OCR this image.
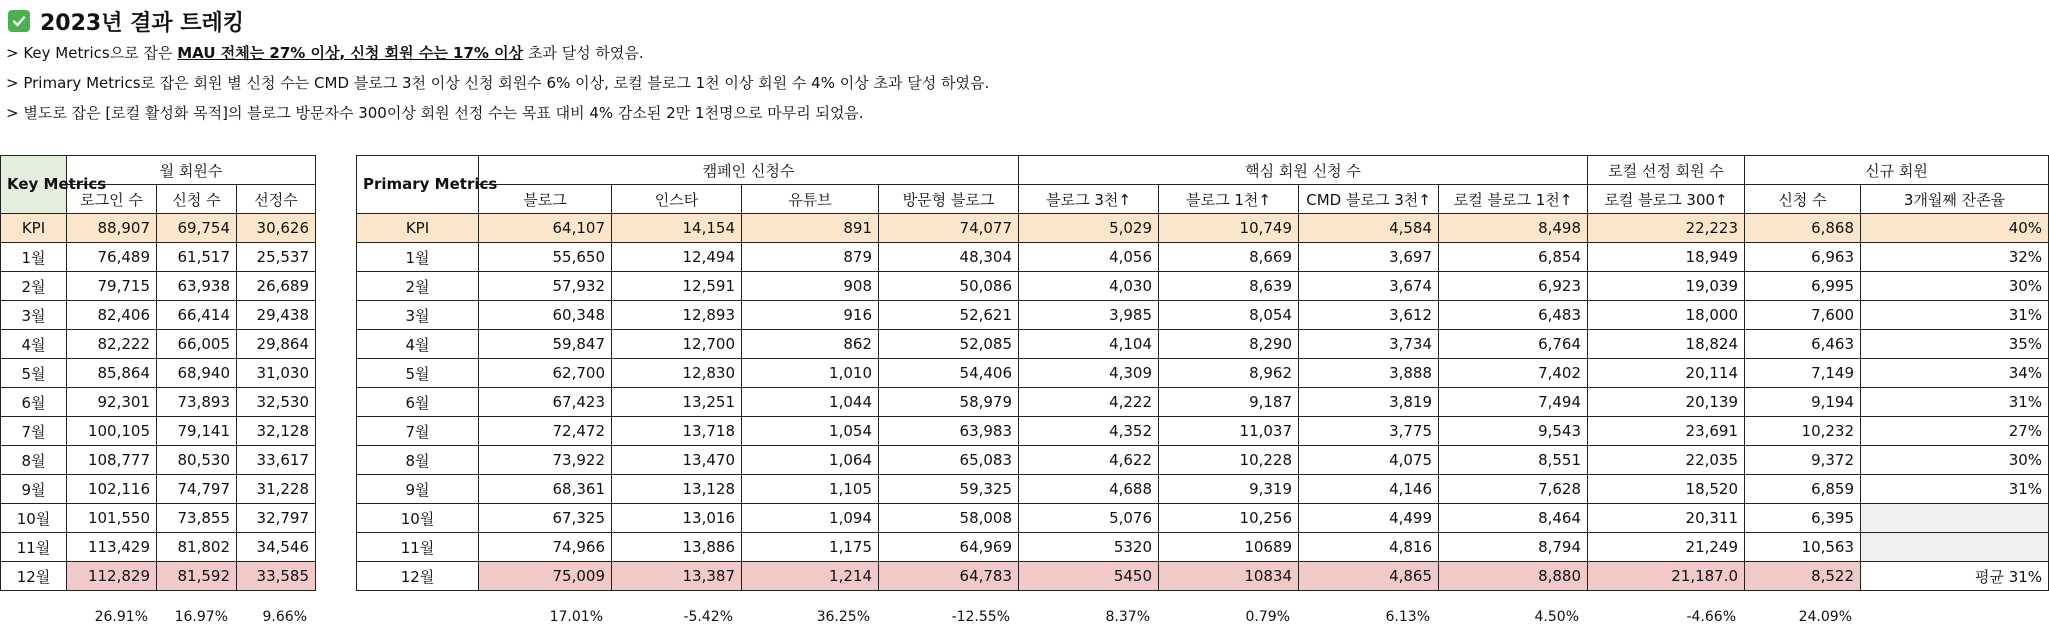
2023년 결과 트레킹
> Key Metrics으로 잡은 MAU 전체는 27% 이상, 신청 회원 수는 17% 이상 초과 달성 하였음.
> Primary Metrics로 잡은 회원 별 신청 수는 CMD 블로그 3천 이상 신청 회원수 6% 이상, 로컬 블로그 1천 이상 회원 수 4% 이상 초과 달성 하였음.
> 별도로 잡은 [로컬 활성화 목적]의 블로그 방문자수 300이상 회원 선정 수는 목표 대비 4% 감소된 2만 1천명으로 마무리 되었음.
Key Metrics	월 회원수		
	로그인 수	신청 수	선정수
KPI	88,907	69,754	30,626
1월	76,489	61,517	25,537
2월	79,715	63,938	26,689
3월	82,406	66,414	29,438
4월	82,222	66,005	29,864
5월	85,864	68,940	31,030
6월	92,301	73,893	32,530
7월	100,105	79,141	32,128
8월	108,777	80,530	33,617
9월	102,116	74,797	31,228
10월	101,550	73,855	32,797
11월	113,429	81,802	34,546
12월	112,829	81,592	33,585
Primary Metrics	캠페인 신청수				핵심 회원 신청 수				로컬 선정 회원 수	신규 회원	
	블로그	인스타	유튜브	방문형 블로그	블로그 3천↑	블로그 1천↑	CMD 블로그 3천↑	로컬 블로그 1천↑	로컬 블로그 300↑	신청 수	3개월째 잔존율
KPI	64,107	14,154	891	74,077	5,029	10,749	4,584	8,498	22,223	6,868	40%
1월	55,650	12,494	879	48,304	4,056	8,669	3,697	6,854	18,949	6,963	32%
2월	57,932	12,591	908	50,086	4,030	8,639	3,674	6,923	19,039	6,995	30%
3월	60,348	12,893	916	52,621	3,985	8,054	3,612	6,483	18,000	7,600	31%
4월	59,847	12,700	862	52,085	4,104	8,290	3,734	6,764	18,824	6,463	35%
5월	62,700	12,830	1,010	54,406	4,309	8,962	3,888	7,402	20,114	7,149	34%
6월	67,423	13,251	1,044	58,979	4,222	9,187	3,819	7,494	20,139	9,194	31%
7월	72,472	13,718	1,054	63,983	4,352	11,037	3,775	9,543	23,691	10,232	27%
8월	73,922	13,470	1,064	65,083	4,622	10,228	4,075	8,551	22,035	9,372	30%
9월	68,361	13,128	1,105	59,325	4,688	9,319	4,146	7,628	18,520	6,859	31%
10월	67,325	13,016	1,094	58,008	5,076	10,256	4,499	8,464	20,311	6,395	
11월	74,966	13,886	1,175	64,969	5320	10689	4,816	8,794	21,249	10,563	
12월	75,009	13,387	1,214	64,783	5450	10834	4,865	8,880	21,187.0	8,522	평균 31%
26.91%	16.97%	9.66%	17.01%	-5.42%	36.25%	-12.55%	8.37%	0.79%	6.13%	4.50%	-4.66%	24.09%
